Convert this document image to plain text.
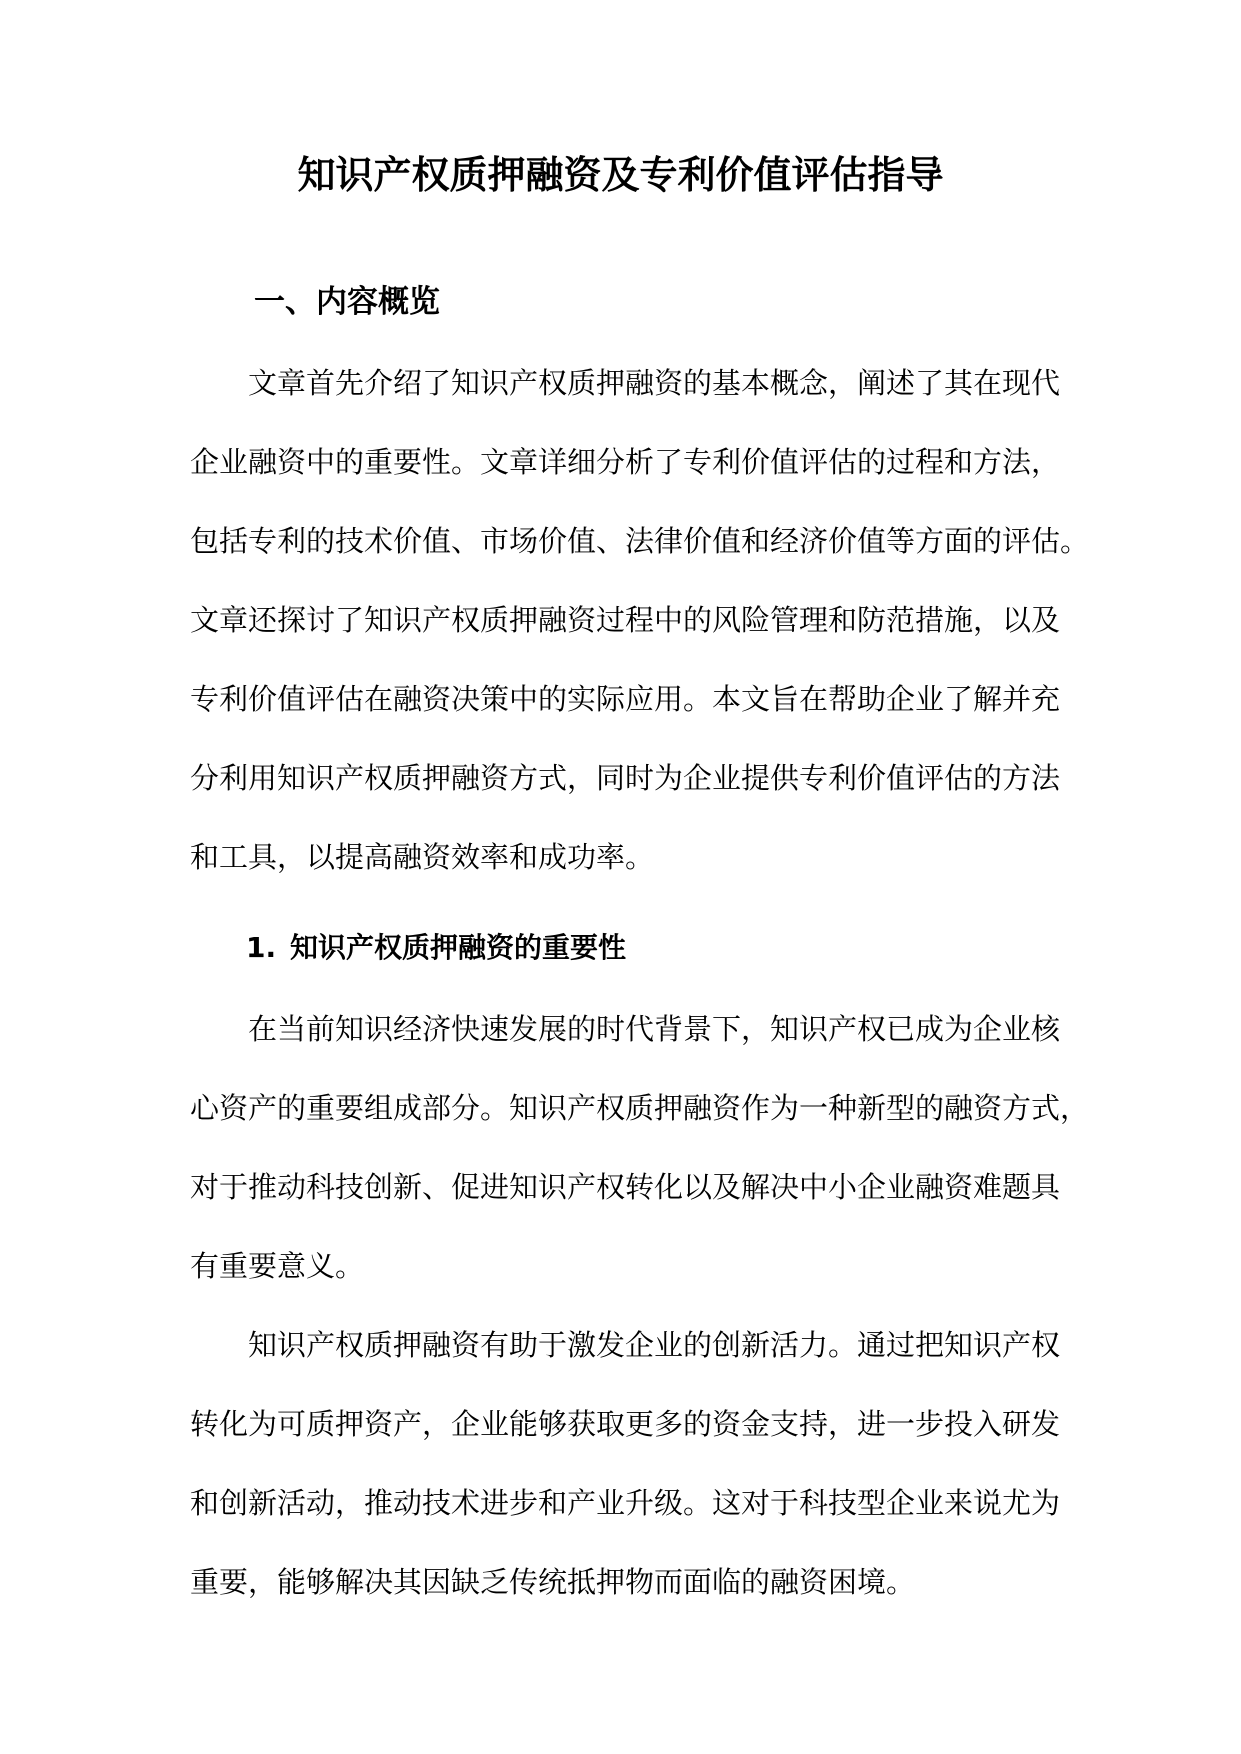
知识产权质押融资及专利价值评估指导
一、内容概览
文章首先介绍了知识产权质押融资的基本概念，阐述了其在现代
企业融资中的重要性。文章详细分析了专利价值评估的过程和方法，
包括专利的技术价值、市场价值、法律价值和经济价值等方面的评估。
文章还探讨了知识产权质押融资过程中的风险管理和防范措施，以及
专利价值评估在融资决策中的实际应用。本文旨在帮助企业了解并充
分利用知识产权质押融资方式，同时为企业提供专利价值评估的方法
和工具，以提高融资效率和成功率。
1. 知识产权质押融资的重要性
在当前知识经济快速发展的时代背景下，知识产权已成为企业核
心资产的重要组成部分。知识产权质押融资作为一种新型的融资方式，
对于推动科技创新、促进知识产权转化以及解决中小企业融资难题具
有重要意义。
知识产权质押融资有助于激发企业的创新活力。通过把知识产权
转化为可质押资产，企业能够获取更多的资金支持，进一步投入研发
和创新活动，推动技术进步和产业升级。这对于科技型企业来说尤为
重要，能够解决其因缺乏传统抵押物而面临的融资困境。
